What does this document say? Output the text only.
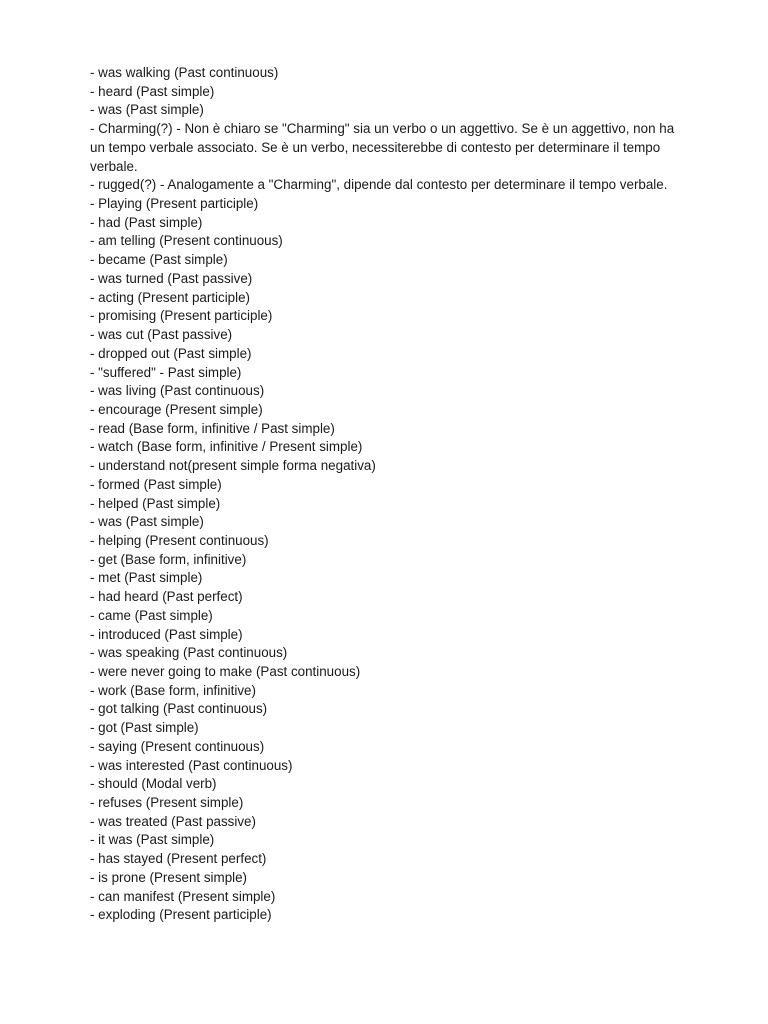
- was walking (Past continuous)

- heard (Past simple)

- was (Past simple)

- Charming(?) - Non è chiaro se "Charming" sia un verbo o un aggettivo. Se è un aggettivo, non ha un tempo verbale associato. Se è un verbo, necessiterebbe di contesto per determinare il tempo verbale.

- rugged(?) - Analogamente a "Charming", dipende dal contesto per determinare il tempo verbale.

- Playing (Present participle)

- had (Past simple)

- am telling (Present continuous)

- became (Past simple)

- was turned (Past passive)

- acting (Present participle)

- promising (Present participle)

- was cut (Past passive)

- dropped out (Past simple)

- "suffered" - Past simple)

- was living (Past continuous)

- encourage (Present simple)

- read (Base form, infinitive / Past simple)

- watch (Base form, infinitive / Present simple)

- understand not(present simple forma negativa)

- formed (Past simple)

- helped (Past simple)

- was (Past simple)

- helping (Present continuous)

- get (Base form, infinitive)

- met (Past simple)

- had heard (Past perfect)

- came (Past simple)

- introduced (Past simple)

- was speaking (Past continuous)

- were never going to make (Past continuous)

- work (Base form, infinitive)

- got talking (Past continuous)

- got (Past simple)

- saying (Present continuous)

- was interested (Past continuous)

- should (Modal verb)

- refuses (Present simple)

- was treated (Past passive)

- it was (Past simple)

- has stayed (Present perfect)

- is prone (Present simple)

- can manifest (Present simple)

- exploding (Present participle)
